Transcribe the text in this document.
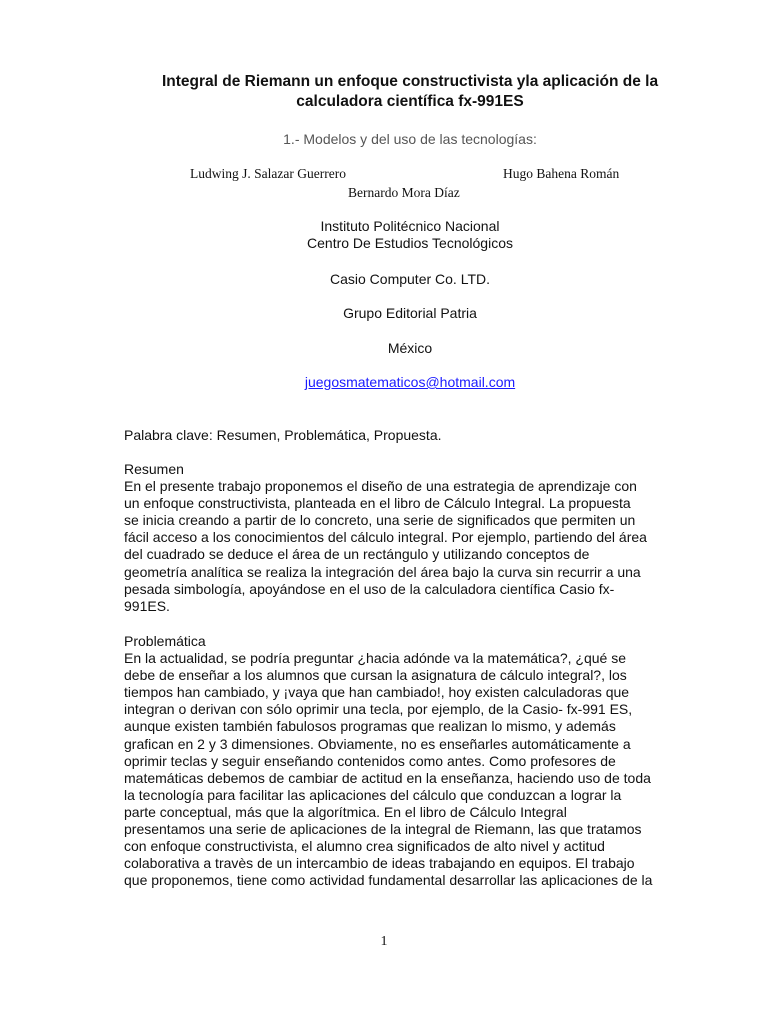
Integral de Riemann un enfoque constructivista yla aplicación de la
calculadora científica fx-991ES
1.- Modelos y del uso de las tecnologías:
Ludwing J. Salazar Guerrero	Hugo Bahena Román
Bernardo Mora Díaz
Instituto Politécnico Nacional
Centro De Estudios Tecnológicos
Casio Computer Co. LTD.
Grupo Editorial Patria
México
juegosmatematicos@hotmail.com
Palabra clave: Resumen, Problemática, Propuesta.
Resumen
En el presente trabajo proponemos el diseño de una estrategia de aprendizaje con
un enfoque constructivista, planteada en el libro de Cálculo Integral. La propuesta
se inicia creando a partir de lo concreto, una serie de significados que permiten un
fácil acceso a los conocimientos del cálculo integral. Por ejemplo, partiendo del área
del cuadrado se deduce el área de un rectángulo y utilizando conceptos de
geometría analítica se realiza la integración del área bajo la curva sin recurrir a una
pesada simbología, apoyándose en el uso de la calculadora científica Casio fx-
991ES.
Problemática
En la actualidad, se podría preguntar ¿hacia adónde va la matemática?, ¿qué se
debe de enseñar a los alumnos que cursan la asignatura de cálculo integral?, los
tiempos han cambiado, y ¡vaya que han cambiado!, hoy existen calculadoras que
integran o derivan con sólo oprimir una tecla, por ejemplo, de la Casio- fx-991 ES,
aunque existen también fabulosos programas que realizan lo mismo, y además
grafican en 2 y 3 dimensiones. Obviamente, no es enseñarles automáticamente a
oprimir teclas y seguir enseñando contenidos como antes. Como profesores de
matemáticas debemos de cambiar de actitud en la enseñanza, haciendo uso de toda
la tecnología para facilitar las aplicaciones del cálculo que conduzcan a lograr la
parte conceptual, más que la algorítmica. En el libro de Cálculo Integral
presentamos una serie de aplicaciones de la integral de Riemann, las que tratamos
con enfoque constructivista, el alumno crea significados de alto nivel y actitud
colaborativa a travès de un intercambio de ideas trabajando en equipos. El trabajo
que proponemos, tiene como actividad fundamental desarrollar las aplicaciones de la
1
